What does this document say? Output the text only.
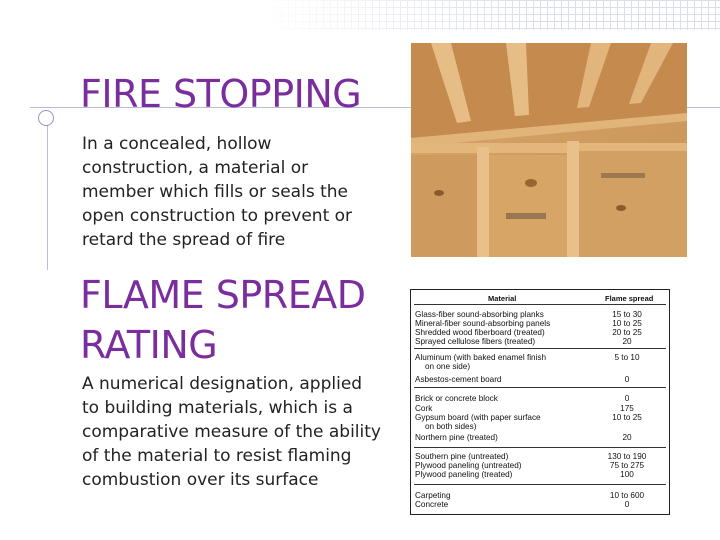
FIRE STOPPING

In a concealed, hollow construction, a material or member which fills or seals the open construction to prevent or retard the spread of fire

FLAME SPREAD RATING

A numerical designation, applied to building materials, which is a comparative measure of the ability of the material to resist flaming combustion over its surface

Material	Flame spread
Glass-fiber sound-absorbing planks	15 to 30
Mineral-fiber sound-absorbing panels	10 to 25
Shredded wood fiberboard (treated)	20 to 25
Sprayed cellulose fibers (treated)	20
Aluminum (with baked enamel finish	5 to 10
on one side)
Asbestos-cement board	0
Brick or concrete block	0
Cork	175
Gypsum board (with paper surface	10 to 25
on both sides)
Northern pine (treated)	20
Southern pine (untreated)	130 to 190
Plywood paneling (untreated)	75 to 275
Plywood paneling (treated)	100
Carpeting	10 to 600
Concrete	0
